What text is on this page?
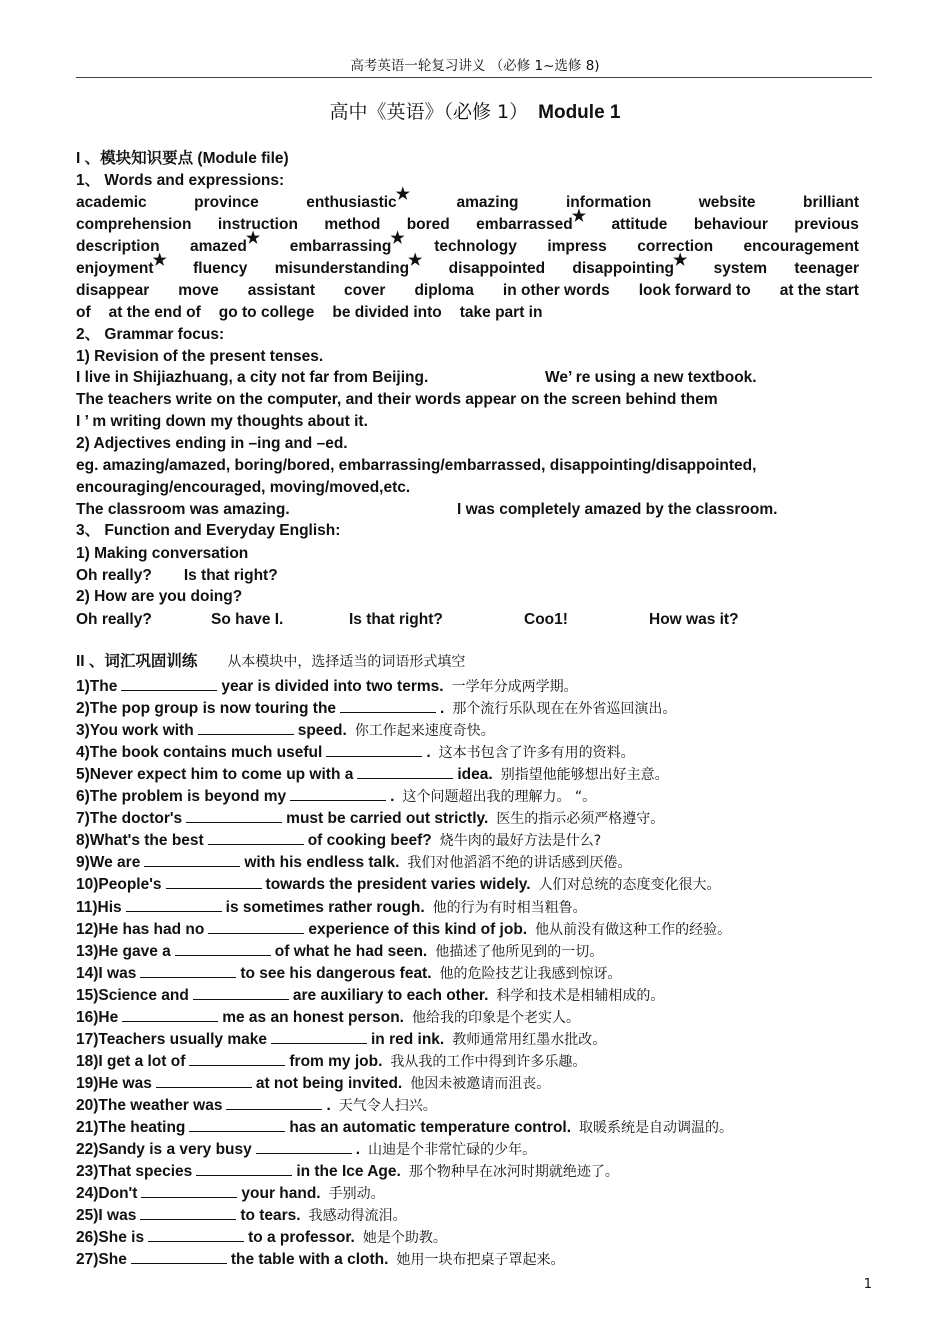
高考英语一轮复习讲义 （必修 1~选修 8)
高中《英语》（必修 1） Module 1
I 、模块知识要点 (Module file)
1、 Words and expressions:
academic	province	enthusiastic★	amazing	information	website	brilliant
comprehension instruction method bored embarrassed★ attitude behaviour previous
description amazed★ embarrassing★ technology impress correction encouragement
enjoyment★ fluency misunderstanding★ disappointed disappointing★ system teenager
disappear move assistant cover diploma in other words look forward to at the start
of at the end of go to college be divided into take part in
2、 Grammar focus:
1) Revision of the present tenses.
I live in Shijiazhuang, a city not far from Beijing.	We’ re using a new textbook.
The teachers write on the computer, and their words appear on the screen behind them
I ’ m writing down my thoughts about it.
2) Adjectives ending in –ing and –ed.
eg. amazing/amazed, boring/bored, embarrassing/embarrassed, disappointing/disappointed,
encouraging/encouraged, moving/moved,etc.
The classroom was amazing.	I was completely amazed by the classroom.
3、 Function and Everyday English:
1) Making conversation
Oh really? Is that right?
2) How are you doing?
Oh really?	So have I.	Is that right?	Coo1!	How was it?
II 、词汇巩固训练 从本模块中，选择适当的词语形式填空
1)The	year is divided into two terms. 一学年分成两学期。
2)The pop group is now touring the	. 那个流行乐队现在在外省巡回演出。
3)You work with	speed. 你工作起来速度奇快。
4)The book contains much useful	. 这本书包含了许多有用的资料。
5)Never expect him to come up with a	idea. 别指望他能够想出好主意。
6)The problem is beyond my	. 这个问题超出我的理解力。 “。
7)The doctor's	must be carried out strictly. 医生的指示必须严格遵守。
8)What's the best	of cooking beef? 烧牛肉的最好方法是什么?
9)We are	with his endless talk. 我们对他滔滔不绝的讲话感到厌倦。
10)People's	towards the president varies widely. 人们对总统的态度变化很大。
11)His	is sometimes rather rough. 他的行为有时相当粗鲁。
12)He has had no	experience of this kind of job. 他从前没有做这种工作的经验。
13)He gave a	of what he had seen. 他描述了他所见到的一切。
14)I was	to see his dangerous feat. 他的危险技艺让我感到惊讶。
15)Science and	are auxiliary to each other. 科学和技术是相辅相成的。
16)He	me as an honest person. 他给我的印象是个老实人。
17)Teachers usually make	in red ink. 教师通常用红墨水批改。
18)I get a lot of	from my job. 我从我的工作中得到许多乐趣。
19)He was	at not being invited. 他因未被邀请而沮丧。
20)The weather was	. 天气令人扫兴。
21)The heating	has an automatic temperature control. 取暖系统是自动调温的。
22)Sandy is a very busy	. 山迪是个非常忙碌的少年。
23)That species	in the Ice Age. 那个物种早在冰河时期就绝迹了。
24)Don't	your hand. 手别动。
25)I was	to tears. 我感动得流泪。
26)She is	to a professor. 她是个助教。
27)She	the table with a cloth. 她用一块布把桌子罩起来。
1
